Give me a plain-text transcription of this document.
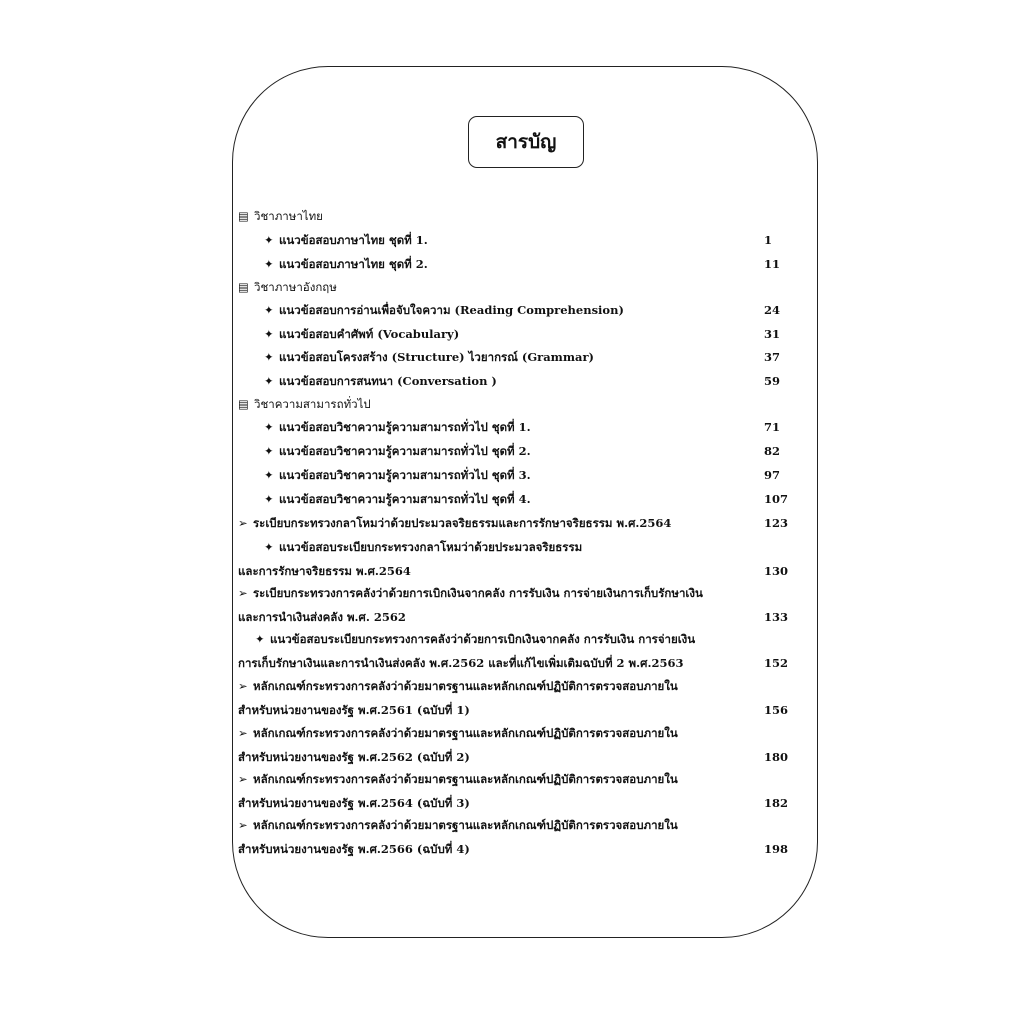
สารบัญ
▤ วิชาภาษาไทย
✦ แนวข้อสอบภาษาไทย ชุดที่ 1.	1
✦ แนวข้อสอบภาษาไทย ชุดที่ 2.	11
▤ วิชาภาษาอังกฤษ
✦ แนวข้อสอบการอ่านเพื่อจับใจความ (Reading Comprehension)	24
✦ แนวข้อสอบคำศัพท์ (Vocabulary)	31
✦ แนวข้อสอบโครงสร้าง (Structure) ไวยากรณ์ (Grammar)	37
✦ แนวข้อสอบการสนทนา (Conversation )	59
▤ วิชาความสามารถทั่วไป
✦ แนวข้อสอบวิชาความรู้ความสามารถทั่วไป ชุดที่ 1.	71
✦ แนวข้อสอบวิชาความรู้ความสามารถทั่วไป ชุดที่ 2.	82
✦ แนวข้อสอบวิชาความรู้ความสามารถทั่วไป ชุดที่ 3.	97
✦ แนวข้อสอบวิชาความรู้ความสามารถทั่วไป ชุดที่ 4.	107
➢ ระเบียบกระทรวงกลาโหมว่าด้วยประมวลจริยธรรมและการรักษาจริยธรรม พ.ศ.2564	123
✦ แนวข้อสอบระเบียบกระทรวงกลาโหมว่าด้วยประมวลจริยธรรม
และการรักษาจริยธรรม พ.ศ.2564	130
➢ ระเบียบกระทรวงการคลังว่าด้วยการเบิกเงินจากคลัง การรับเงิน การจ่ายเงินการเก็บรักษาเงิน
และการนำเงินส่งคลัง พ.ศ. 2562	133
✦ แนวข้อสอบระเบียบกระทรวงการคลังว่าด้วยการเบิกเงินจากคลัง การรับเงิน การจ่ายเงิน
การเก็บรักษาเงินและการนำเงินส่งคลัง พ.ศ.2562 และที่แก้ไขเพิ่มเติมฉบับที่ 2 พ.ศ.2563	152
➢ หลักเกณฑ์กระทรวงการคลังว่าด้วยมาตรฐานและหลักเกณฑ์ปฏิบัติการตรวจสอบภายใน
สำหรับหน่วยงานของรัฐ พ.ศ.2561 (ฉบับที่ 1)	156
➢ หลักเกณฑ์กระทรวงการคลังว่าด้วยมาตรฐานและหลักเกณฑ์ปฏิบัติการตรวจสอบภายใน
สำหรับหน่วยงานของรัฐ พ.ศ.2562 (ฉบับที่ 2)	180
➢ หลักเกณฑ์กระทรวงการคลังว่าด้วยมาตรฐานและหลักเกณฑ์ปฏิบัติการตรวจสอบภายใน
สำหรับหน่วยงานของรัฐ พ.ศ.2564 (ฉบับที่ 3)	182
➢ หลักเกณฑ์กระทรวงการคลังว่าด้วยมาตรฐานและหลักเกณฑ์ปฏิบัติการตรวจสอบภายใน
สำหรับหน่วยงานของรัฐ พ.ศ.2566 (ฉบับที่ 4)	198
